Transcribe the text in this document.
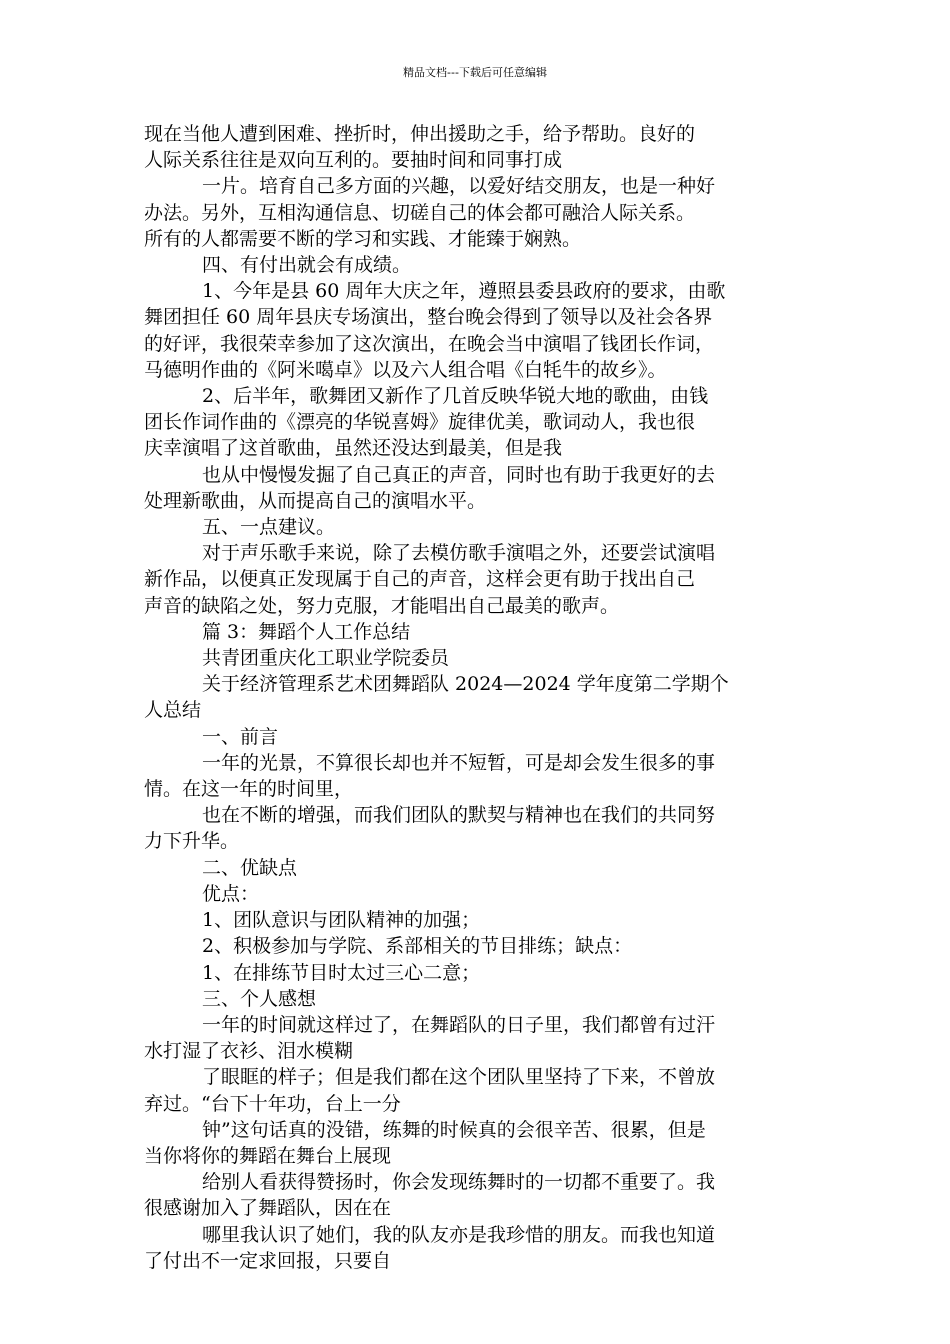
精品文档---下载后可任意编辑
现在当他人遭到困难、挫折时，伸出援助之手，给予帮助。良好的
人际关系往往是双向互利的。要抽时间和同事打成
一片。培育自己多方面的兴趣，以爱好结交朋友，也是一种好
办法。另外，互相沟通信息、切磋自己的体会都可融洽人际关系。
所有的人都需要不断的学习和实践、才能臻于娴熟。
四、有付出就会有成绩。
1、今年是县 60 周年大庆之年，遵照县委县政府的要求，由歌
舞团担任 60 周年县庆专场演出，整台晚会得到了领导以及社会各界
的好评，我很荣幸参加了这次演出，在晚会当中演唱了钱团长作词，
马德明作曲的《阿米噶卓》以及六人组合唱《白牦牛的故乡》。
2、后半年，歌舞团又新作了几首反映华锐大地的歌曲，由钱
团长作词作曲的《漂亮的华锐喜姆》旋律优美，歌词动人，我也很
庆幸演唱了这首歌曲，虽然还没达到最美，但是我
也从中慢慢发掘了自己真正的声音，同时也有助于我更好的去
处理新歌曲，从而提高自己的演唱水平。
五、一点建议。
对于声乐歌手来说，除了去模仿歌手演唱之外，还要尝试演唱
新作品，以便真正发现属于自己的声音，这样会更有助于找出自己
声音的缺陷之处，努力克服，才能唱出自己最美的歌声。
篇 3：舞蹈个人工作总结
共青团重庆化工职业学院委员
关于经济管理系艺术团舞蹈队 2024—2024 学年度第二学期个
人总结
一、前言
一年的光景，不算很长却也并不短暂，可是却会发生很多的事
情。在这一年的时间里，
也在不断的增强，而我们团队的默契与精神也在我们的共同努
力下升华。
二、优缺点
优点：
1、团队意识与团队精神的加强；
2、积极参加与学院、系部相关的节目排练；缺点：
1、在排练节目时太过三心二意；
三、个人感想
一年的时间就这样过了，在舞蹈队的日子里，我们都曾有过汗
水打湿了衣衫、泪水模糊
了眼眶的样子；但是我们都在这个团队里坚持了下来，不曾放
弃过。“台下十年功，台上一分
钟”这句话真的没错，练舞的时候真的会很辛苦、很累，但是
当你将你的舞蹈在舞台上展现
给别人看获得赞扬时，你会发现练舞时的一切都不重要了。我
很感谢加入了舞蹈队，因在在
哪里我认识了她们，我的队友亦是我珍惜的朋友。而我也知道
了付出不一定求回报，只要自
